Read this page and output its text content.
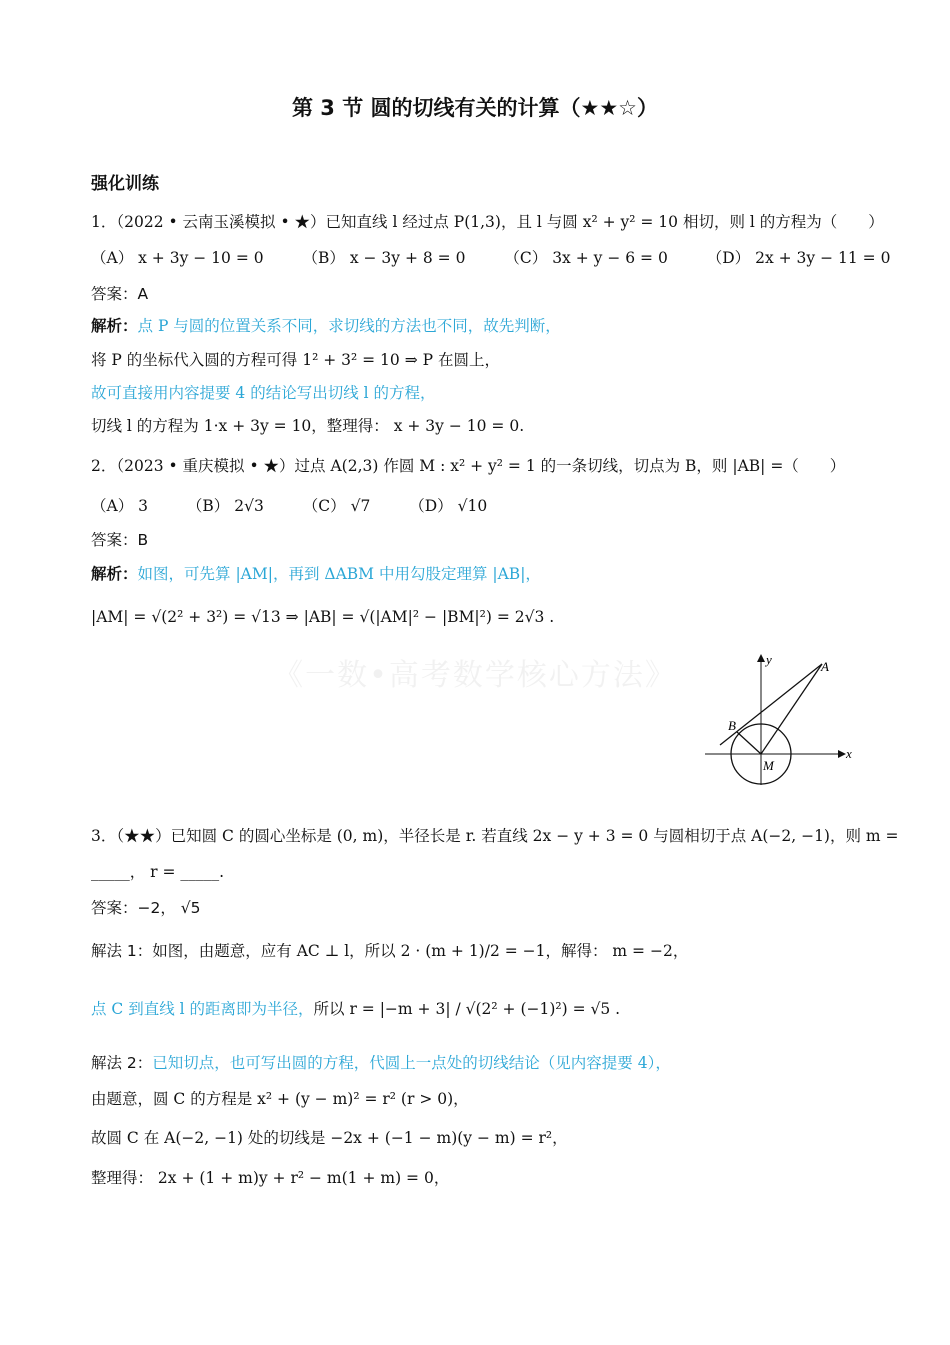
第 3 节 圆的切线有关的计算（★★☆）
强化训练
《一数•高考数学核心方法》
1．（2022 • 云南玉溪模拟 • ★）已知直线 l 经过点 P(1,3)，且 l 与圆 x² + y² = 10 相切，则 l 的方程为（　　）
（A） x + 3y − 10 = 0	（B） x − 3y + 8 = 0	（C） 3x + y − 6 = 0	（D） 2x + 3y − 11 = 0
答案：A
解析：点 P 与圆的位置关系不同，求切线的方法也不同，故先判断，
将 P 的坐标代入圆的方程可得 1² + 3² = 10 ⇒ P 在圆上，
故可直接用内容提要 4 的结论写出切线 l 的方程，
切线 l 的方程为 1·x + 3y = 10，整理得： x + 3y − 10 = 0.
2．（2023 • 重庆模拟 • ★）过点 A(2,3) 作圆 M : x² + y² = 1 的一条切线，切点为 B，则 |AB| =（　　）
（A） 3	（B） 2√3	（C） √7	（D） √10
答案：B
解析：如图，可先算 |AM|，再到 ΔABM 中用勾股定理算 |AB|，
|AM| = √(2² + 3²) = √13 ⇒ |AB| = √(|AM|² − |BM|²) = 2√3 .
y
x
A
B
M
3．（★★）已知圆 C 的圆心坐标是 (0, m)，半径长是 r. 若直线 2x − y + 3 = 0 与圆相切于点 A(−2, −1)，则 m =
_____， r = _____.
答案：−2， √5
解法 1：如图，由题意，应有 AC ⊥ l，所以 2 · (m + 1)/2 = −1，解得： m = −2，
点 C 到直线 l 的距离即为半径，所以 r = |−m + 3| / √(2² + (−1)²) = √5 .
解法 2：已知切点，也可写出圆的方程，代圆上一点处的切线结论（见内容提要 4），
由题意，圆 C 的方程是 x² + (y − m)² = r² (r > 0)，
故圆 C 在 A(−2, −1) 处的切线是 −2x + (−1 − m)(y − m) = r²，
整理得： 2x + (1 + m)y + r² − m(1 + m) = 0，
